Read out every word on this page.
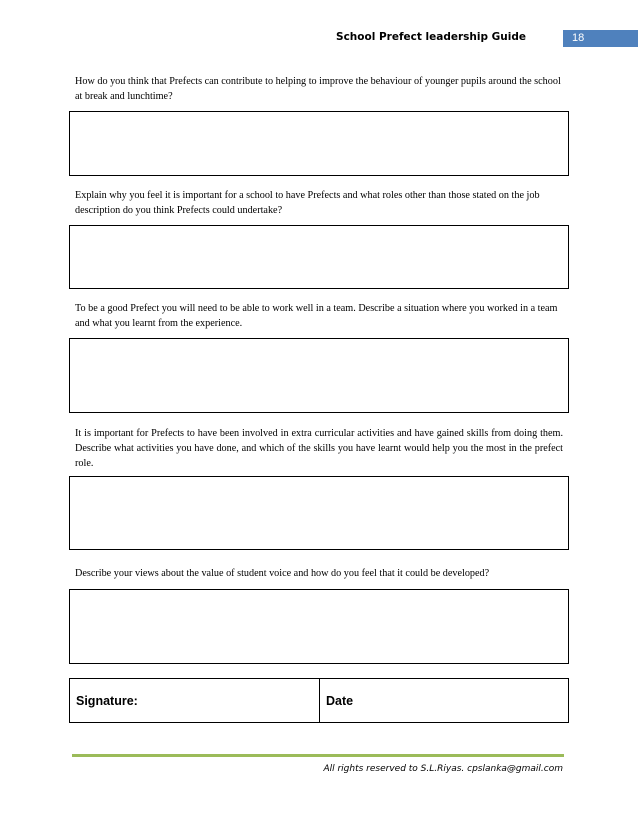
School Prefect leadership Guide	18
How do you think that Prefects can contribute to helping to improve the behaviour of younger pupils around the school at break and lunchtime?
Explain why you feel it is important for a school to have Prefects and what roles other than those stated on the job description do you think Prefects could undertake?
To be a good Prefect you will need to be able to work well in a team. Describe a situation where you worked in a team and what you learnt from the experience.
It is important for Prefects to have been involved in extra curricular activities and have gained skills from doing them. Describe what activities you have done, and which of the skills you have learnt would help you the most in the prefect role.
Describe your views about the value of student voice and how do you feel that it could be developed?
Signature:	Date
All rights reserved to S.L.Riyas. cpslanka@gmail.com
